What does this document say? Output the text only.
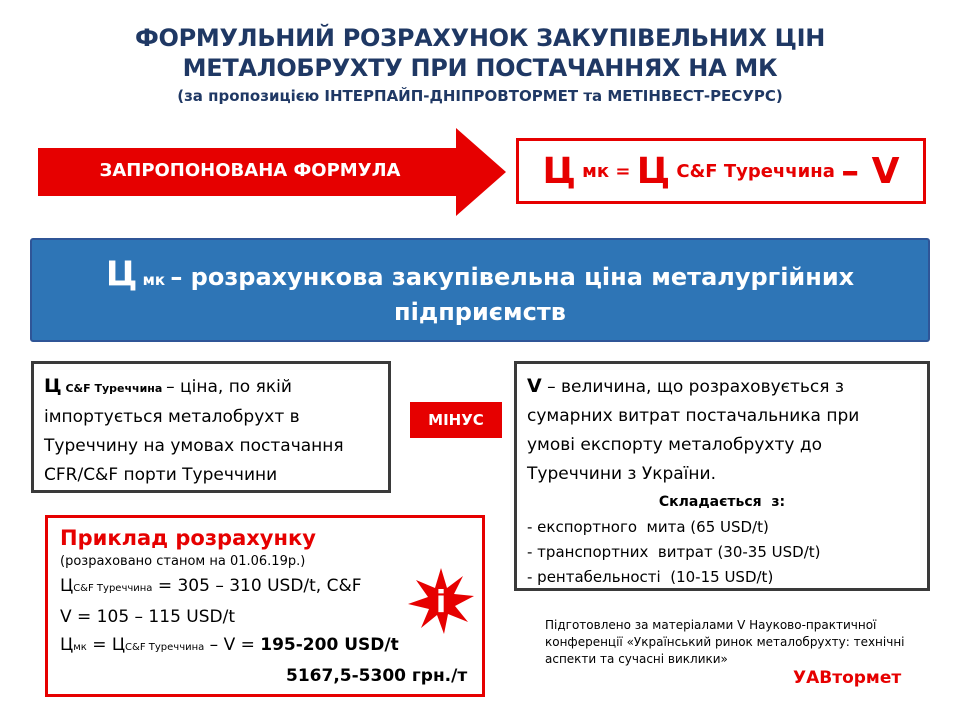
ФОРМУЛЬНИЙ РОЗРАХУНОК ЗАКУПІВЕЛЬНИХ ЦІН
МЕТАЛОБРУХТУ ПРИ ПОСТАЧАННЯХ НА МК
(за пропозицією ІНТЕРПАЙП-ДНІПРОВТОРМЕТ та МЕТІНВЕСТ-РЕСУРС)
ЗАПРОПОНОВАНА ФОРМУЛА	Ц мк = Ц C&F Туреччина – V
Ц мк – розрахункова закупівельна ціна металургійних
підприємств
Ц C&F Туреччина – ціна, по якій
імпортується металобрухт в
Туреччину на умовах постачання
CFR/C&F порти Туреччини
МІНУС
V – величина, що розраховується з
сумарних витрат постачальника при
умові експорту металобрухту до
Туреччини з України.
Складається  з:
- експортного  мита (65 USD/t)
- транспортних  витрат (30-35 USD/t)
- рентабельності  (10-15 USD/t)
Приклад розрахунку
(розраховано станом на 01.06.19р.)
ЦC&F Туреччина = 305 – 310 USD/t, C&F
V = 105 – 115 USD/t
Цмк = ЦC&F Туреччина – V = 195-200 USD/t
5167,5-5300 грн./т
i
Підготовлено за матеріалами V Науково-практичної конференції «Український ринок металобрухту: технічні аспекти та сучасні виклики»
УАВтормет
